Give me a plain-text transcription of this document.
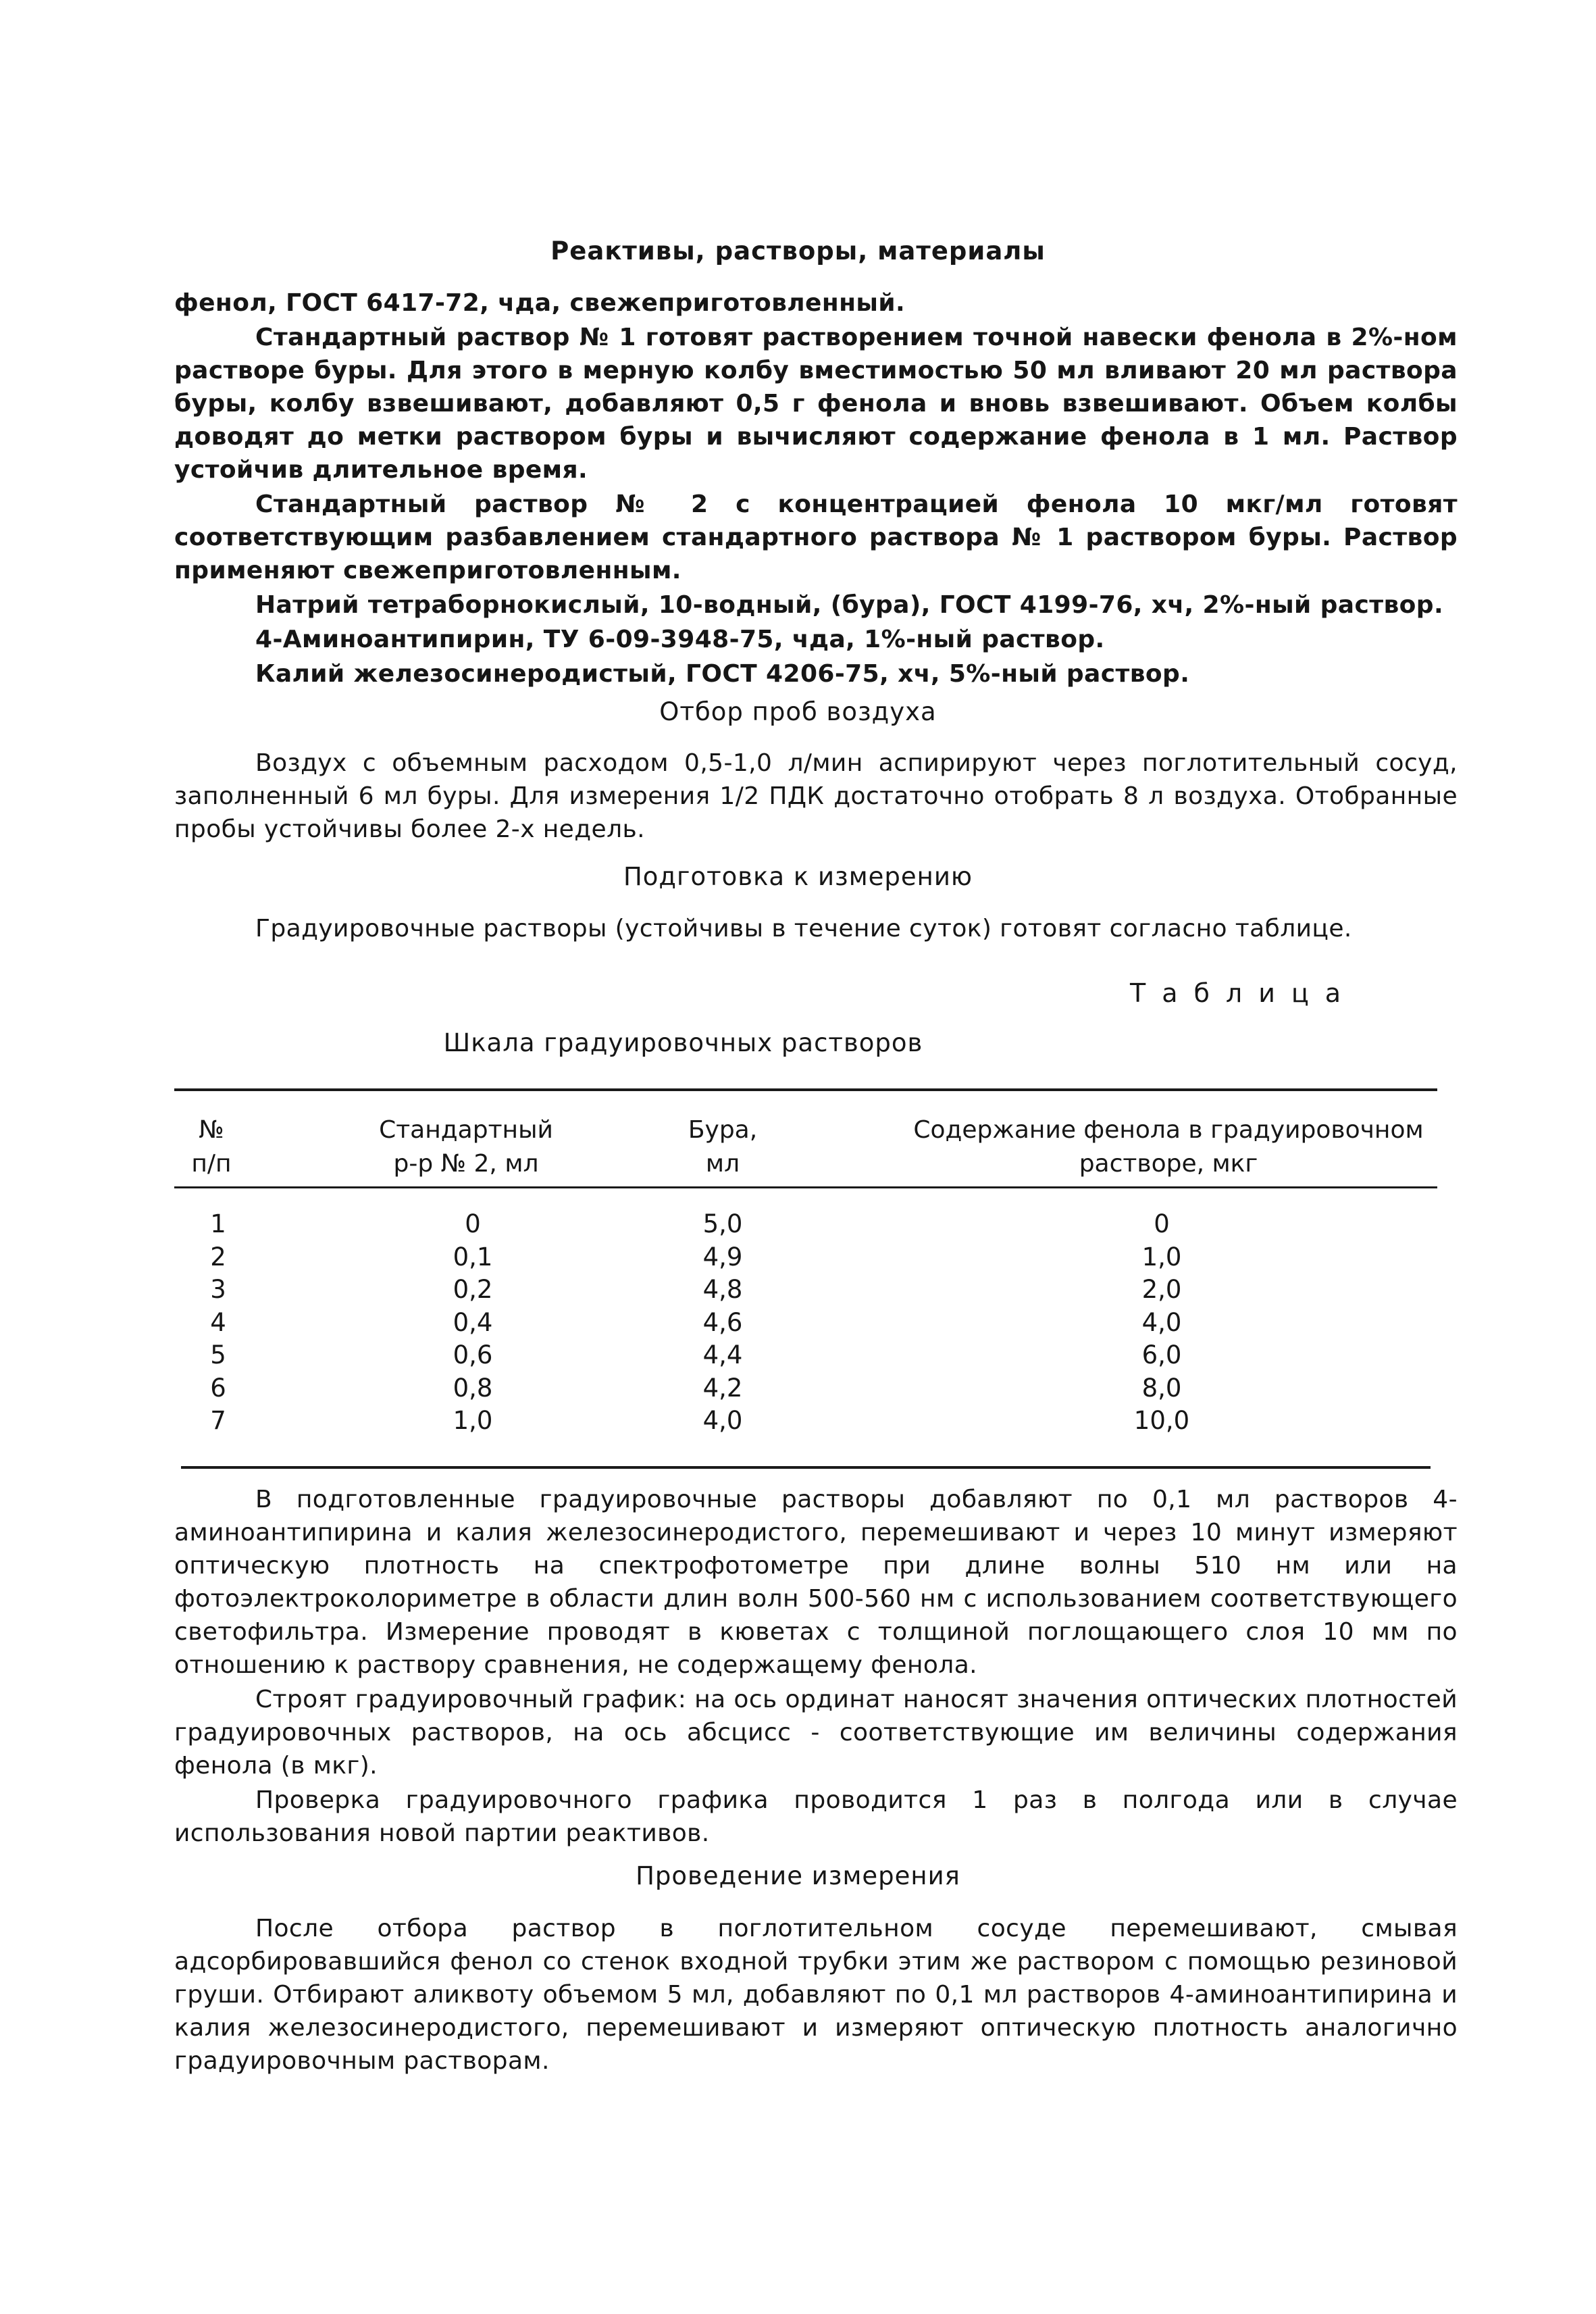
Реактивы, растворы, материалы

фенол, ГОСТ 6417-72, чда, свежеприготовленный.

Стандартный раствор № 1 готовят растворением точной навески фенола в 2%-ном растворе буры. Для этого в мерную колбу вместимостью 50 мл вливают 20 мл раствора буры, колбу взвешивают, добавляют 0,5 г фенола и вновь взвешивают. Объем колбы доводят до метки раствором буры и вычисляют содержание фенола в 1 мл. Раствор устойчив длительное время.

Стандартный раствор № 2 с концентрацией фенола 10 мкг/мл готовят соответствующим разбавлением стандартного раствора № 1 раствором буры. Раствор применяют свежеприготовленным.

Натрий тетраборнокислый, 10-водный, (бура), ГОСТ 4199-76, хч, 2%-ный раствор.

4-Аминоантипирин, ТУ 6-09-3948-75, чда, 1%-ный раствор.

Калий железосинеродистый, ГОСТ 4206-75, хч, 5%-ный раствор.

Отбор проб воздуха

Воздух с объемным расходом 0,5-1,0 л/мин аспирируют через поглотительный сосуд, заполненный 6 мл буры. Для измерения 1/2 ПДК достаточно отобрать 8 л воздуха. Отобранные пробы устойчивы более 2-х недель.

Подготовка к измерению

Градуировочные растворы (устойчивы в течение суток) готовят согласно таблице.

Таблица

Шкала градуировочных растворов
№
п/п
Стандартный
р-р № 2, мл
Бура,
мл
Содержание фенола в градуировочном
растворе, мкг
1
2
3
4
5
6
7
0
0,1
0,2
0,4
0,6
0,8
1,0
5,0
4,9
4,8
4,6
4,4
4,2
4,0
0
1,0
2,0
4,0
6,0
8,0
10,0

В подготовленные градуировочные растворы добавляют по 0,1 мл растворов 4-аминоантипирина и калия железосинеродистого, перемешивают и через 10 минут измеряют оптическую плотность на спектрофотометре при длине волны 510 нм или на фотоэлектроколориметре в области длин волн 500-560 нм с использованием соответствующего светофильтра. Измерение проводят в кюветах с толщиной поглощающего слоя 10 мм по отношению к раствору сравнения, не содержащему фенола.

Строят градуировочный график: на ось ординат наносят значения оптических плотностей градуировочных растворов, на ось абсцисс - соответствующие им величины содержания фенола (в мкг).

Проверка градуировочного графика проводится 1 раз в полгода или в случае использования новой партии реактивов.

Проведение измерения

После отбора раствор в поглотительном сосуде перемешивают, смывая адсорбировавшийся фенол со стенок входной трубки этим же раствором с помощью резиновой груши. Отбирают аликвоту объемом 5 мл, добавляют по 0,1 мл растворов 4-аминоантипирина и калия железосинеродистого, перемешивают и измеряют оптическую плотность аналогично градуировочным растворам.
